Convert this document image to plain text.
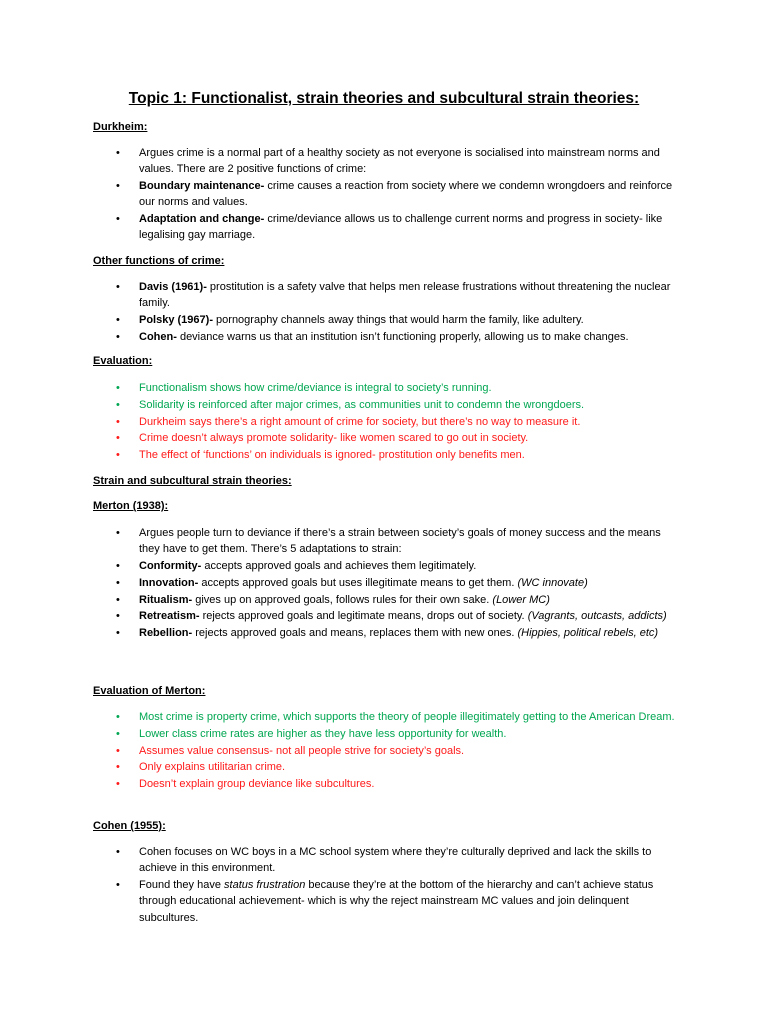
Topic 1: Functionalist, strain theories and subcultural strain theories:
Durkheim:
• Argues crime is a normal part of a healthy society as not everyone is socialised into mainstream norms and values. There are 2 positive functions of crime:
• Boundary maintenance- crime causes a reaction from society where we condemn wrongdoers and reinforce our norms and values.
• Adaptation and change- crime/deviance allows us to challenge current norms and progress in society- like legalising gay marriage.
Other functions of crime:
• Davis (1961)- prostitution is a safety valve that helps men release frustrations without threatening the nuclear family.
• Polsky (1967)- pornography channels away things that would harm the family, like adultery.
• Cohen- deviance warns us that an institution isn’t functioning properly, allowing us to make changes.
Evaluation:
• Functionalism shows how crime/deviance is integral to society’s running.
• Solidarity is reinforced after major crimes, as communities unit to condemn the wrongdoers.
• Durkheim says there’s a right amount of crime for society, but there’s no way to measure it.
• Crime doesn’t always promote solidarity- like women scared to go out in society.
• The effect of ‘functions’ on individuals is ignored- prostitution only benefits men.
Strain and subcultural strain theories:
Merton (1938):
• Argues people turn to deviance if there’s a strain between society’s goals of money success and the means they have to get them. There’s 5 adaptations to strain:
• Conformity- accepts approved goals and achieves them legitimately.
• Innovation- accepts approved goals but uses illegitimate means to get them. (WC innovate)
• Ritualism- gives up on approved goals, follows rules for their own sake. (Lower MC)
• Retreatism- rejects approved goals and legitimate means, drops out of society. (Vagrants, outcasts, addicts)
• Rebellion- rejects approved goals and means, replaces them with new ones. (Hippies, political rebels, etc)
Evaluation of Merton:
• Most crime is property crime, which supports the theory of people illegitimately getting to the American Dream.
• Lower class crime rates are higher as they have less opportunity for wealth.
• Assumes value consensus- not all people strive for society’s goals.
• Only explains utilitarian crime.
• Doesn’t explain group deviance like subcultures.
Cohen (1955):
• Cohen focuses on WC boys in a MC school system where they’re culturally deprived and lack the skills to achieve in this environment.
• Found they have status frustration because they’re at the bottom of the hierarchy and can’t achieve status through educational achievement- which is why the reject mainstream MC values and join delinquent subcultures.
